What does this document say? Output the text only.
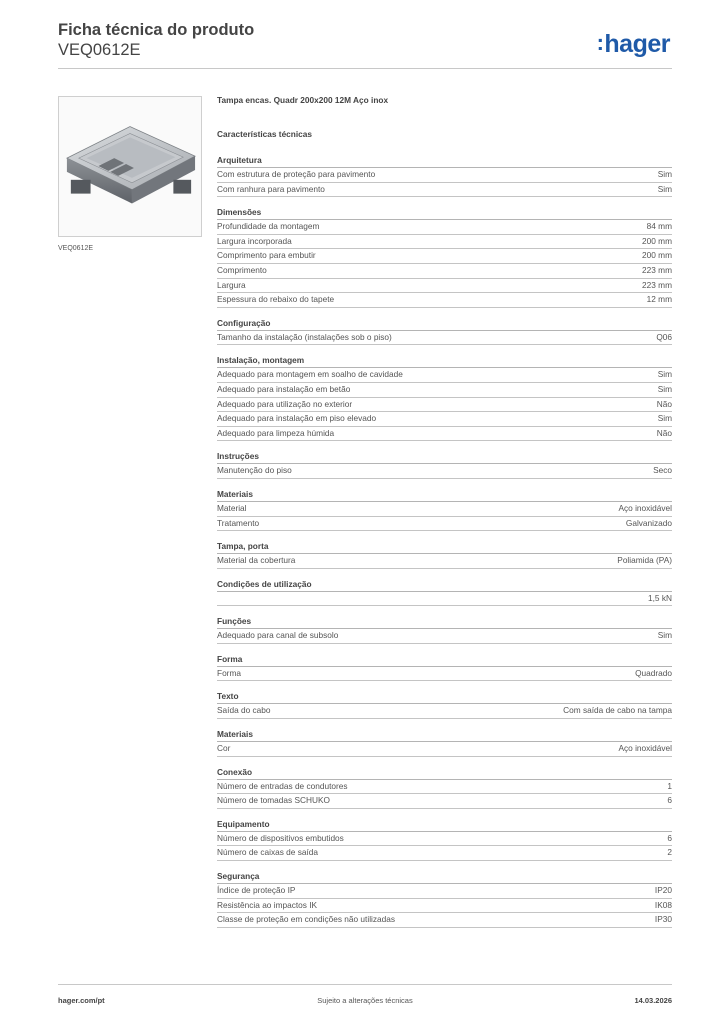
Ficha técnica do produto
VEQ0612E	:hager
VEQ0612E
Tampa encas. Quadr 200x200 12M Aço inox
Características técnicas
Arquitetura
Com estrutura de proteção para pavimento	Sim
Com ranhura para pavimento	Sim
Dimensões
Profundidade da montagem	84 mm
Largura incorporada	200 mm
Comprimento para embutir	200 mm
Comprimento	223 mm
Largura	223 mm
Espessura do rebaixo do tapete	12 mm
Configuração
Tamanho da instalação (instalações sob o piso)	Q06
Instalação, montagem
Adequado para montagem em soalho de cavidade	Sim
Adequado para instalação em betão	Sim
Adequado para utilização no exterior	Não
Adequado para instalação em piso elevado	Sim
Adequado para limpeza húmida	Não
Instruções
Manutenção do piso	Seco
Materiais
Material	Aço inoxidável
Tratamento	Galvanizado
Tampa, porta
Material da cobertura	Poliamida (PA)
Condições de utilização
1,5 kN
Funções
Adequado para canal de subsolo	Sim
Forma
Forma	Quadrado
Texto
Saída do cabo	Com saída de cabo na tampa
Materiais
Cor	Aço inoxidável
Conexão
Número de entradas de condutores	1
Número de tomadas SCHUKO	6
Equipamento
Número de dispositivos embutidos	6
Número de caixas de saída	2
Segurança
Índice de proteção IP	IP20
Resistência ao impactos IK	IK08
Classe de proteção em condições não utilizadas	IP30
hager.com/pt	Sujeito a alterações técnicas	14.03.2026
